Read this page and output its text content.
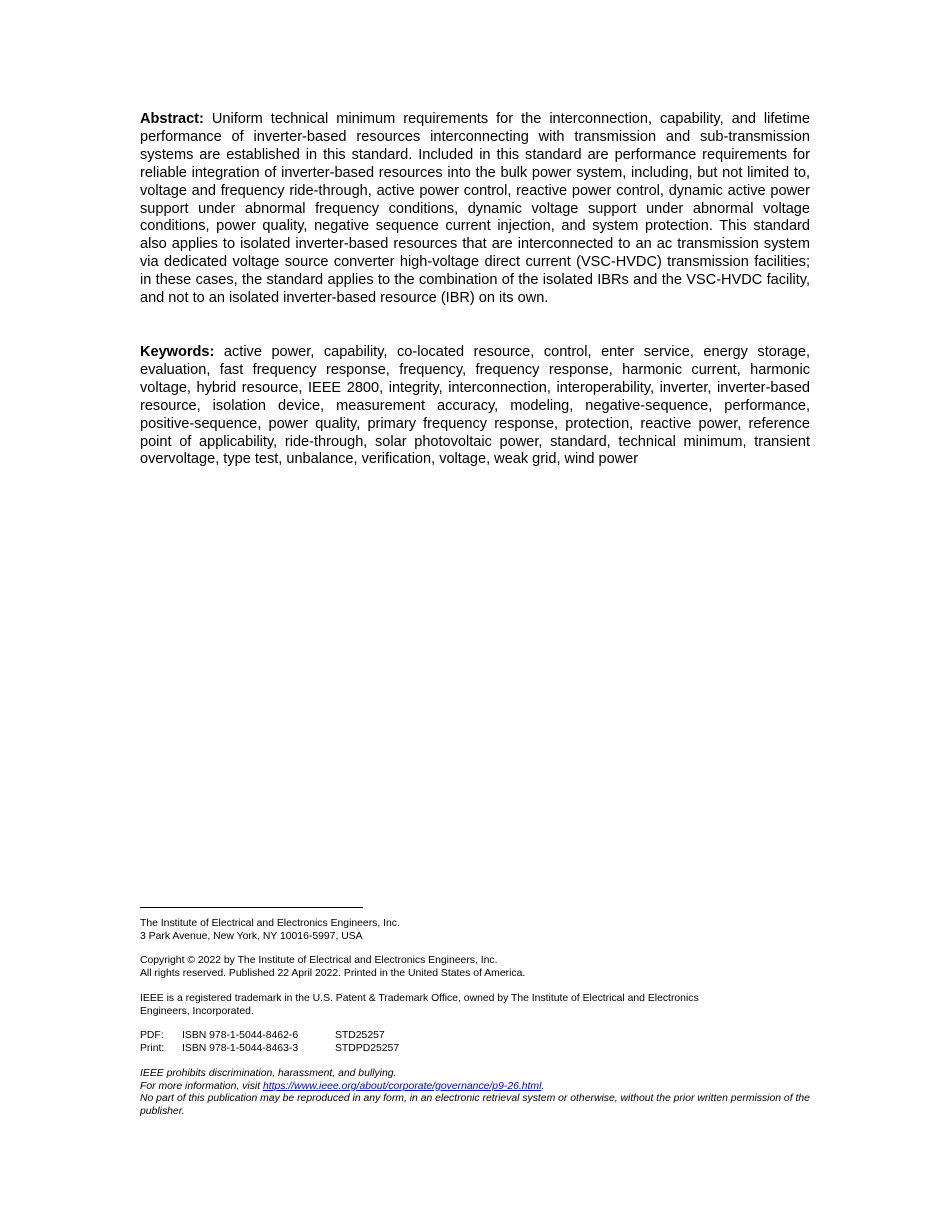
Abstract: Uniform technical minimum requirements for the interconnection, capability, and lifetime performance of inverter-based resources interconnecting with transmission and sub-transmission systems are established in this standard. Included in this standard are performance requirements for reliable integration of inverter-based resources into the bulk power system, including, but not limited to, voltage and frequency ride-through, active power control, reactive power control, dynamic active power support under abnormal frequency conditions, dynamic voltage support under abnormal voltage conditions, power quality, negative sequence current injection, and system protection. This standard also applies to isolated inverter-based resources that are interconnected to an ac transmission system via dedicated voltage source converter high-voltage direct current (VSC-HVDC) transmission facilities; in these cases, the standard applies to the combination of the isolated IBRs and the VSC-HVDC facility, and not to an isolated inverter-based resource (IBR) on its own.

Keywords: active power, capability, co-located resource, control, enter service, energy storage, evaluation, fast frequency response, frequency, frequency response, harmonic current, harmonic voltage, hybrid resource, IEEE 2800, integrity, interconnection, interoperability, inverter, inverter-based resource, isolation device, measurement accuracy, modeling, negative-sequence, performance, positive-sequence, power quality, primary frequency response, protection, reactive power, reference point of applicability, ride-through, solar photovoltaic power, standard, technical minimum, transient overvoltage, type test, unbalance, verification, voltage, weak grid, wind power

The Institute of Electrical and Electronics Engineers, Inc.
3 Park Avenue, New York, NY 10016-5997, USA
Copyright © 2022 by The Institute of Electrical and Electronics Engineers, Inc.
All rights reserved. Published 22 April 2022. Printed in the United States of America.
IEEE is a registered trademark in the U.S. Patent & Trademark Office, owned by The Institute of Electrical and Electronics
Engineers, Incorporated.
PDF:	ISBN 978-1-5044-8462-6	STD25257
Print:	ISBN 978-1-5044-8463-3	STDPD25257
IEEE prohibits discrimination, harassment, and bullying.
For more information, visit https://www.ieee.org/about/corporate/governance/p9-26.html.
No part of this publication may be reproduced in any form, in an electronic retrieval system or otherwise, without the prior written permission of the publisher.
